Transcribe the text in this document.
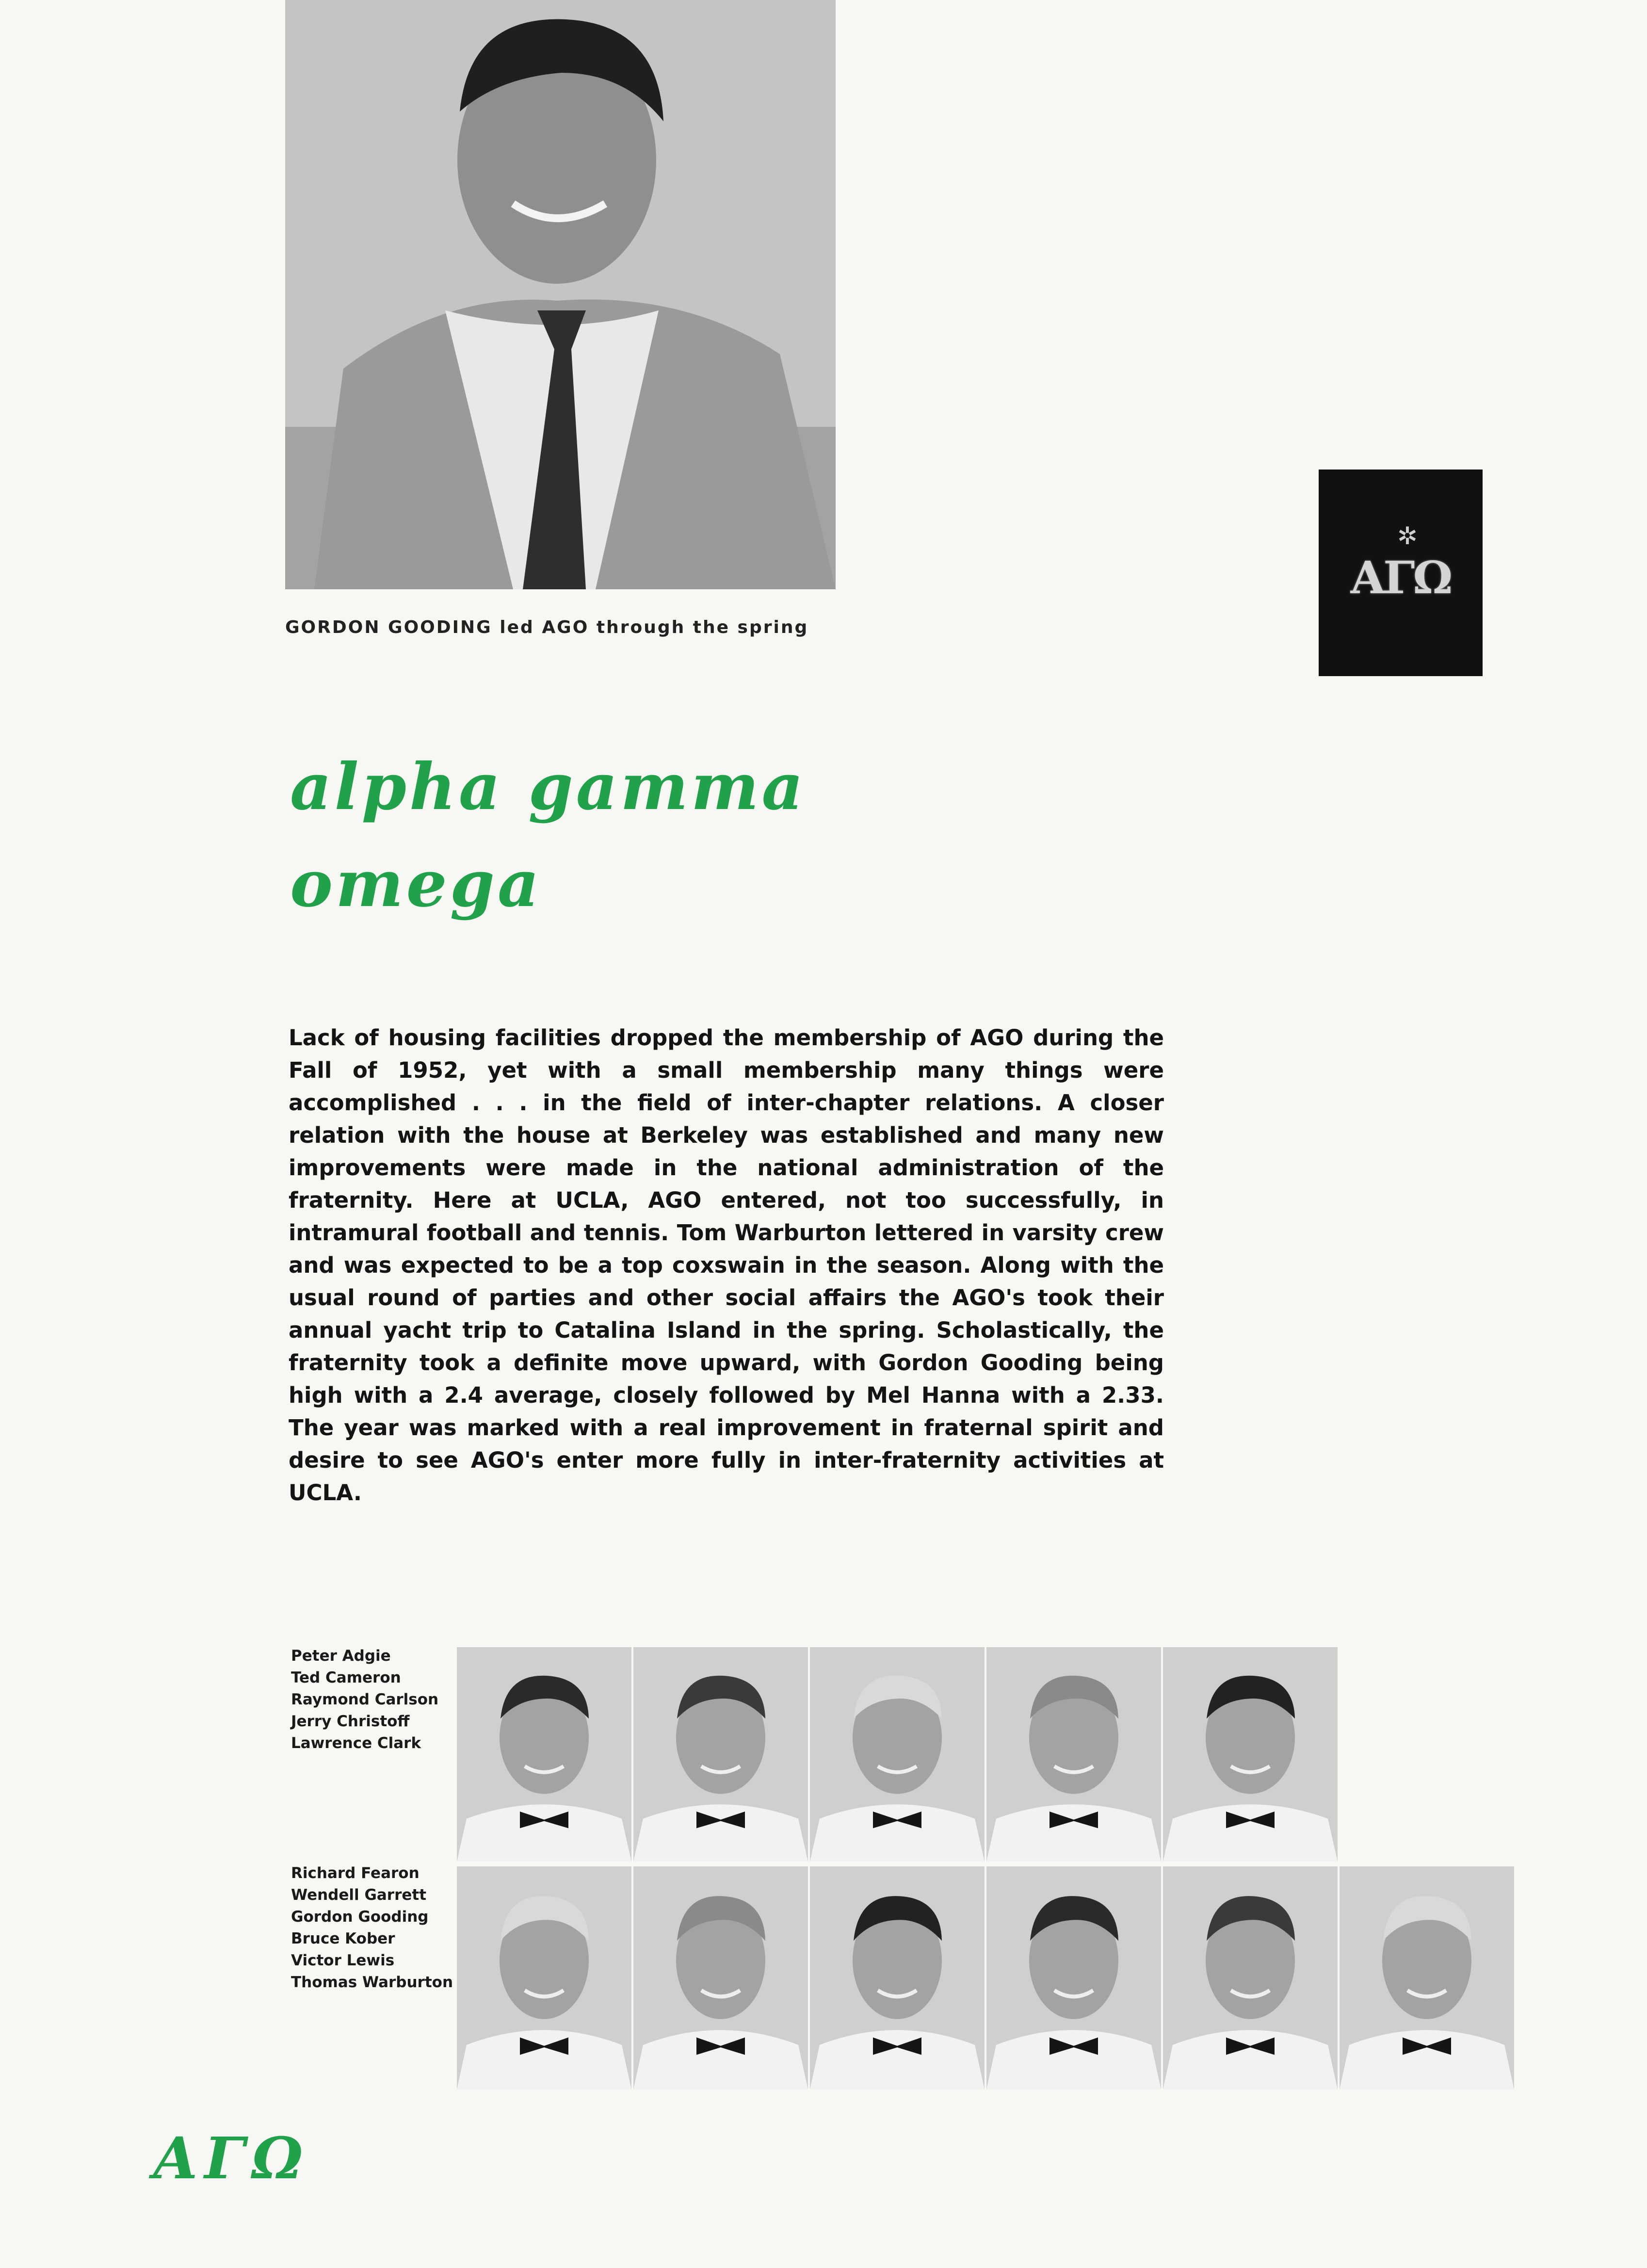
GORDON GOODING led AGO through the spring
✲
AΓΩ
alpha gamma
omega

Lack of housing facilities dropped the membership of AGO during the Fall of 1952, yet with a small membership many things were accomplished . . . in the field of inter-chapter relations. A closer relation with the house at Berkeley was established and many new improvements were made in the national administration of the fraternity. Here at UCLA, AGO entered, not too successfully, in intramural football and tennis. Tom Warburton lettered in varsity crew and was expected to be a top coxswain in the season. Along with the usual round of parties and other social affairs the AGO's took their annual yacht trip to Catalina Island in the spring. Scholastically, the fraternity took a definite move upward, with Gordon Gooding being high with a 2.4 average, closely followed by Mel Hanna with a 2.33. The year was marked with a real improvement in fraternal spirit and desire to see AGO's enter more fully in inter-fraternity activities at UCLA.

Peter Adgie
Ted Cameron
Raymond Carlson
Jerry Christoff
Lawrence Clark
Richard Fearon
Wendell Garrett
Gordon Gooding
Bruce Kober
Victor Lewis
Thomas Warburton
AΓΩ
